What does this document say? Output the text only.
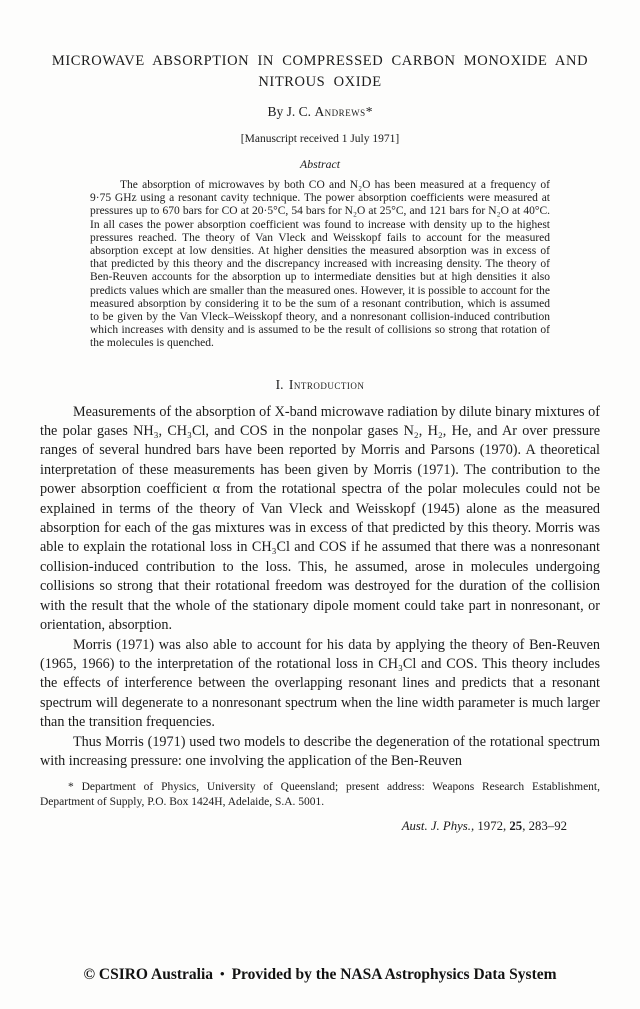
MICROWAVE ABSORPTION IN COMPRESSED CARBON MONOXIDE AND
NITROUS OXIDE
By J. C. Andrews*
[Manuscript received 1 July 1971]
Abstract

The absorption of microwaves by both CO and N₂O has been measured at a frequency of 9·75 GHz using a resonant cavity technique. The power absorption coefficients were measured at pressures up to 670 bars for CO at 20·5°C, 54 bars for N₂O at 25°C, and 121 bars for N₂O at 40°C. In all cases the power absorption coefficient was found to increase with density up to the highest pressures reached. The theory of Van Vleck and Weisskopf fails to account for the measured absorption except at low densities. At higher densities the measured absorption was in excess of that predicted by this theory and the discrepancy increased with increasing density. The theory of Ben-Reuven accounts for the absorption up to intermediate densities but at high densities it also predicts values which are smaller than the measured ones. However, it is possible to account for the measured absorption by considering it to be the sum of a resonant contribution, which is assumed to be given by the Van Vleck–Weisskopf theory, and a nonresonant collision-induced contribution which increases with density and is assumed to be the result of collisions so strong that rotation of the molecules is quenched.

I. Introduction

Measurements of the absorption of X-band microwave radiation by dilute binary mixtures of the polar gases NH₃, CH₃Cl, and COS in the nonpolar gases N₂, H₂, He, and Ar over pressure ranges of several hundred bars have been reported by Morris and Parsons (1970). A theoretical interpretation of these measurements has been given by Morris (1971). The contribution to the power absorption coefficient α from the rotational spectra of the polar molecules could not be explained in terms of the theory of Van Vleck and Weisskopf (1945) alone as the measured absorption for each of the gas mixtures was in excess of that predicted by this theory. Morris was able to explain the rotational loss in CH₃Cl and COS if he assumed that there was a nonresonant collision-induced contribution to the loss. This, he assumed, arose in molecules undergoing collisions so strong that their rotational freedom was destroyed for the duration of the collision with the result that the whole of the stationary dipole moment could take part in nonresonant, or orientation, absorption.

Morris (1971) was also able to account for his data by applying the theory of Ben-Reuven (1965, 1966) to the interpretation of the rotational loss in CH₃Cl and COS. This theory includes the effects of interference between the overlapping resonant lines and predicts that a resonant spectrum will degenerate to a nonresonant spectrum when the line width parameter is much larger than the transition frequencies.

Thus Morris (1971) used two models to describe the degeneration of the rotational spectrum with increasing pressure: one involving the application of the Ben-Reuven

* Department of Physics, University of Queensland; present address: Weapons Research Establishment, Department of Supply, P.O. Box 1424H, Adelaide, S.A. 5001.
Aust. J. Phys., 1972, 25, 283–92
© CSIRO Australia • Provided by the NASA Astrophysics Data System
